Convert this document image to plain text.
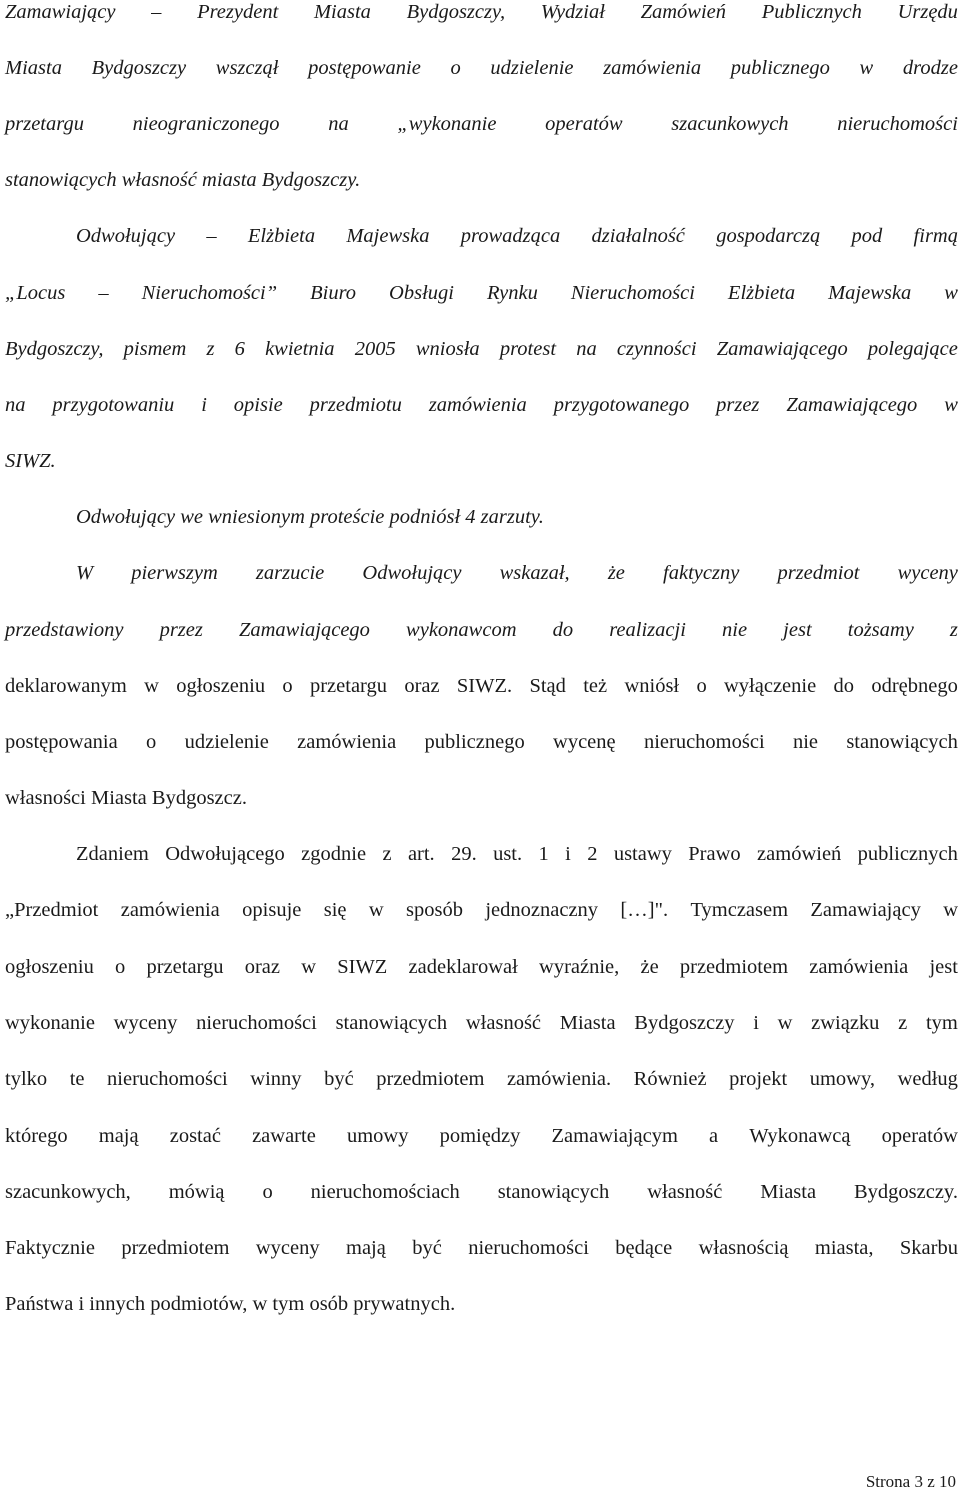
Zamawiający – Prezydent Miasta Bydgoszczy, Wydział Zamówień Publicznych Urzędu
Miasta Bydgoszczy wszczął postępowanie o udzielenie zamówienia publicznego w drodze
przetargu nieograniczonego na „wykonanie operatów szacunkowych nieruchomości
stanowiących własność miasta Bydgoszczy.
Odwołujący – Elżbieta Majewska prowadząca działalność gospodarczą pod firmą
„Locus – Nieruchomości” Biuro Obsługi Rynku Nieruchomości Elżbieta Majewska w
Bydgoszczy, pismem z 6 kwietnia 2005 wniosła protest na czynności Zamawiającego polegające
na przygotowaniu i opisie przedmiotu zamówienia przygotowanego przez Zamawiającego w
SIWZ.
Odwołujący we wniesionym proteście podniósł 4 zarzuty.
W pierwszym zarzucie Odwołujący wskazał, że faktyczny przedmiot wyceny
przedstawiony przez Zamawiającego wykonawcom do realizacji nie jest tożsamy z
deklarowanym w ogłoszeniu o przetargu oraz SIWZ. Stąd też wniósł o wyłączenie do odrębnego
postępowania o udzielenie zamówienia publicznego wycenę nieruchomości nie stanowiących
własności Miasta Bydgoszcz.
Zdaniem Odwołującego zgodnie z art. 29. ust. 1 i 2 ustawy Prawo zamówień publicznych
„Przedmiot zamówienia opisuje się w sposób jednoznaczny […]". Tymczasem Zamawiający w
ogłoszeniu o przetargu oraz w SIWZ zadeklarował wyraźnie, że przedmiotem zamówienia jest
wykonanie wyceny nieruchomości stanowiących własność Miasta Bydgoszczy i w związku z tym
tylko te nieruchomości winny być przedmiotem zamówienia. Również projekt umowy, według
którego mają zostać zawarte umowy pomiędzy Zamawiającym a Wykonawcą operatów
szacunkowych, mówią o nieruchomościach stanowiących własność Miasta Bydgoszczy.
Faktycznie przedmiotem wyceny mają być nieruchomości będące własnością miasta, Skarbu
Państwa i innych podmiotów, w tym osób prywatnych.
Strona 3 z 10
